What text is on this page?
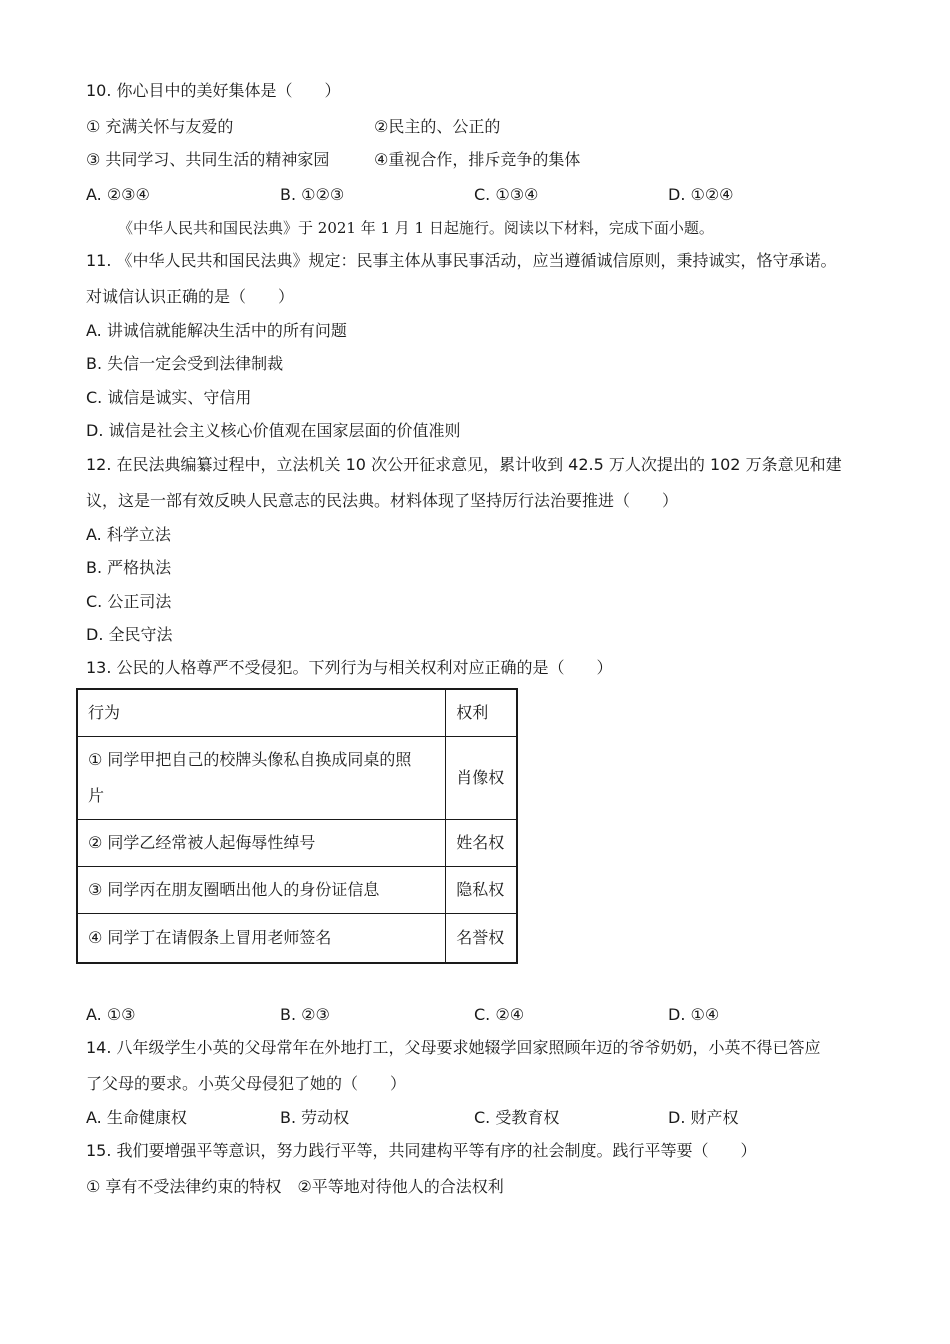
10. 你心目中的美好集体是（　　）
① 充满关怀与友爱的	②民主的、公正的
③ 共同学习、共同生活的精神家园	④重视合作，排斥竞争的集体
A. ②③④	B. ①②③	C. ①③④	D. ①②④
《中华人民共和国民法典》于 2021 年 1 月 1 日起施行。阅读以下材料，完成下面小题。
11. 《中华人民共和国民法典》规定：民事主体从事民事活动，应当遵循诚信原则，秉持诚实，恪守承诺。
对诚信认识正确的是（　　）
A. 讲诚信就能解决生活中的所有问题
B. 失信一定会受到法律制裁
C. 诚信是诚实、守信用
D. 诚信是社会主义核心价值观在国家层面的价值准则
12. 在民法典编纂过程中，立法机关 10 次公开征求意见，累计收到 42.5 万人次提出的 102 万条意见和建
议，这是一部有效反映人民意志的民法典。材料体现了坚持厉行法治要推进（　　）
A. 科学立法
B. 严格执法
C. 公正司法
D. 全民守法
13. 公民的人格尊严不受侵犯。下列行为与相关权利对应正确的是（　　）
行为	权利

① 同学甲把自己的校牌头像私自换成同桌的照
片	肖像权
② 同学乙经常被人起侮辱性绰号	姓名权
③ 同学丙在朋友圈晒出他人的身份证信息	隐私权
④ 同学丁在请假条上冒用老师签名	名誉权
A. ①③	B. ②③	C. ②④	D. ①④
14. 八年级学生小英的父母常年在外地打工，父母要求她辍学回家照顾年迈的爷爷奶奶，小英不得已答应
了父母的要求。小英父母侵犯了她的（　　）
A. 生命健康权	B. 劳动权	C. 受教育权	D. 财产权
15. 我们要增强平等意识，努力践行平等，共同建构平等有序的社会制度。践行平等要（　　）
① 享有不受法律约束的特权　②平等地对待他人的合法权利
